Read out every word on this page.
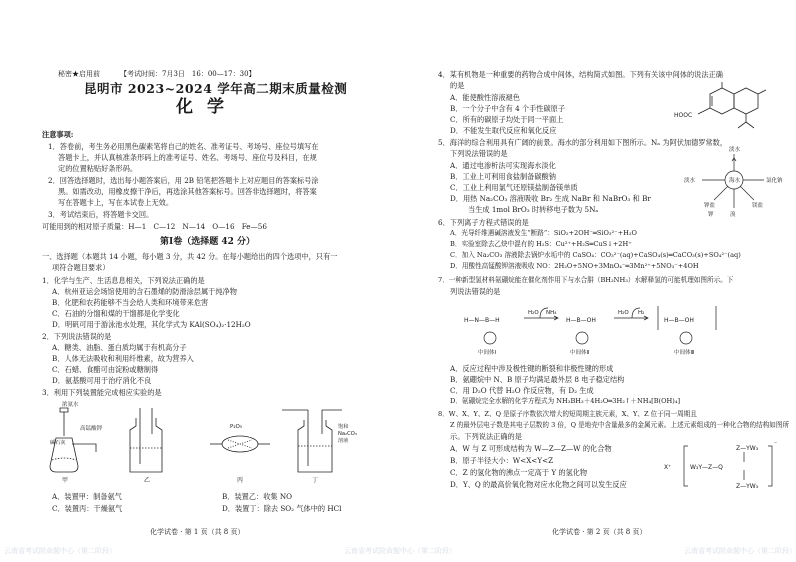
秘密★启用前	【考试时间：7月3日　16：00—17：30】
昆明市 2023~2024 学年高二期末质量检测
化学
注意事项:
1．答卷前，考生务必用黑色碳素笔将自己的姓名、准考证号、考场号、座位号填写在
答题卡上，并认真核准条形码上的准考证号、姓名、考场号、座位号及科目，在规
定的位置粘贴好条形码。
2．回答选择题时，选出每小题答案后，用 2B 铅笔把答题卡上对应题目的答案标号涂
黑。如需改动，用橡皮擦干净后，再选涂其他答案标号。回答非选择题时，将答案
写在答题卡上，写在本试卷上无效。
3．考试结束后，将答题卡交回。
可能用到的相对原子质量：H—1　C—12　N—14　O—16　Fe—56
第Ⅰ卷（选择题 42 分）
一、选择题（本题共 14 小题，每小题 3 分，共 42 分。在每小题给出的四个选项中，只有一
项符合题目要求）
1．化学与生产、生活息息相关，下列说法正确的是
A．杭州亚运会场馆使用的含石墨烯的防滑涂层属于纯净物
B．化肥和农药能够不当会给人类和环境带来危害
C．石油的分馏和煤的干馏都是化学变化
D．明矾可用于游泳池水处理，其化学式为 KAl(SO₄)₂·12H₂O
2．下列说法错误的是
A．糖类、油脂、蛋白质均属于有机高分子
B．人体无法吸收和利用纤维素，故为营养入
C．石蜡、食醋可由淀粉或糖制得
D．氨基酸可用于治疗消化不良
3．利用下列装置能完成相应实验的是
浓氨水
高锰酸钾
甲	乙
P₂O₅
丙
饱和
Na₂CO₃
溶液
丁
碱石灰
A．装置甲：制备氨气	B．装置乙：收集 NO
C．装置丙：干燥氨气	D．装置丁：除去 SO₂ 气体中的 HCl
化学试卷 · 第 1 页（共 8 页）
云南省考试院命题中心（第二阶段）
4．某有机物是一种重要的药物合成中间体，结构简式如图。下列有关该中间体的说法正确
的是
A．能使酸性溶液褪色
B．一个分子中含有 4 个手性碳原子
C．所有的碳原子均处于同一平面上
D．不能发生取代反应和氧化反应
HOOC
5．海洋的综合利用具有广阔的前景。海水的部分利用如下图所示。Nₐ 为阿伏加德罗常数，
下列说法错误的是
A．通过电渗析法可实现海水淡化
B．工业上可利用食盐制备碳酸钠
C．工业上利用氯气还原镁盐制备镁单质
D．用热 Na₂CO₃ 溶液吸收 Br₂ 生成 NaBr 和 NaBrO₃ 和 Br
当生成 1mol BrO₃ 时转移电子数为 5Nₐ
海水
淡水
淡水	氯化钠
钾盐	镁盐
溴
钾
6．下列离子方程式错误的是
A．光导纤维遇碱溶液发生“断路”：SiO₂+2OH⁻═SiO₃²⁻+H₂O
B．实验室除去乙炔中混有的 H₂S：Cu²⁺+H₂S═CuS↓+2H⁺
C．加入 Na₂CO₃ 溶液除去锅炉水垢中的 CaSO₄：CO₃²⁻(aq)+CaSO₄(s)═CaCO₃(s)+SO₄²⁻(aq)
D．用酸性高锰酸钾溶液吸收 NO：2H₂O+5NO+3MnO₄⁻═3Mn²⁺+5NO₃⁻+4OH
7．一种新型氢材料氨硼烷能在催化剂作用下与水合肼（BH₃NH₃）水解释氢的可能机理如图所示。下
列说法错误的是
H—N—B—H	H—B—OH	H—B—OH
H₂O NH₄	H₂O H₂
中间体Ⅰ	中间体Ⅱ	中间体Ⅲ
A．反应过程中涉及极性键的断裂和非极性键的形成
B．氨硼烷中 N、B 原子均满足最外层 8 电子稳定结构
C．用 D₂O 代替 H₂O 作反应物，有 D₂ 生成
D．氨硼烷完全水解的化学方程式为 NH₃BH₃＋4H₂O═3H₂↑＋NH₄[B(OH)₄]
8．W、X、Y、Z、Q 是原子序数依次增大的短周期主族元素，X、Y、Z 位于同一周期且
Z 的最外层电子数是其电子层数的 3 倍，Q 是地壳中含量最多的金属元素。上述元素组成的一种化合物的结构如图所
示。下列说法正确的是
A．W 与 Z 可形成结构为 W—Z—Z—W 的化合物
B．原子半径大小：W<X<Y<Z
C．Z 的氢化物的沸点一定高于 Y 的氢化物
D．Y、Q 的最高价氧化物对应水化物之间可以发生反应
X⁺	W₃Y—Z—Q
Z—YW₃
Z—YW₃
⁻
化学试卷 · 第 2 页（共 8 页）
云南省考试院命题中心（第二阶段）	云南省考试院命题中心（第二阶段）
